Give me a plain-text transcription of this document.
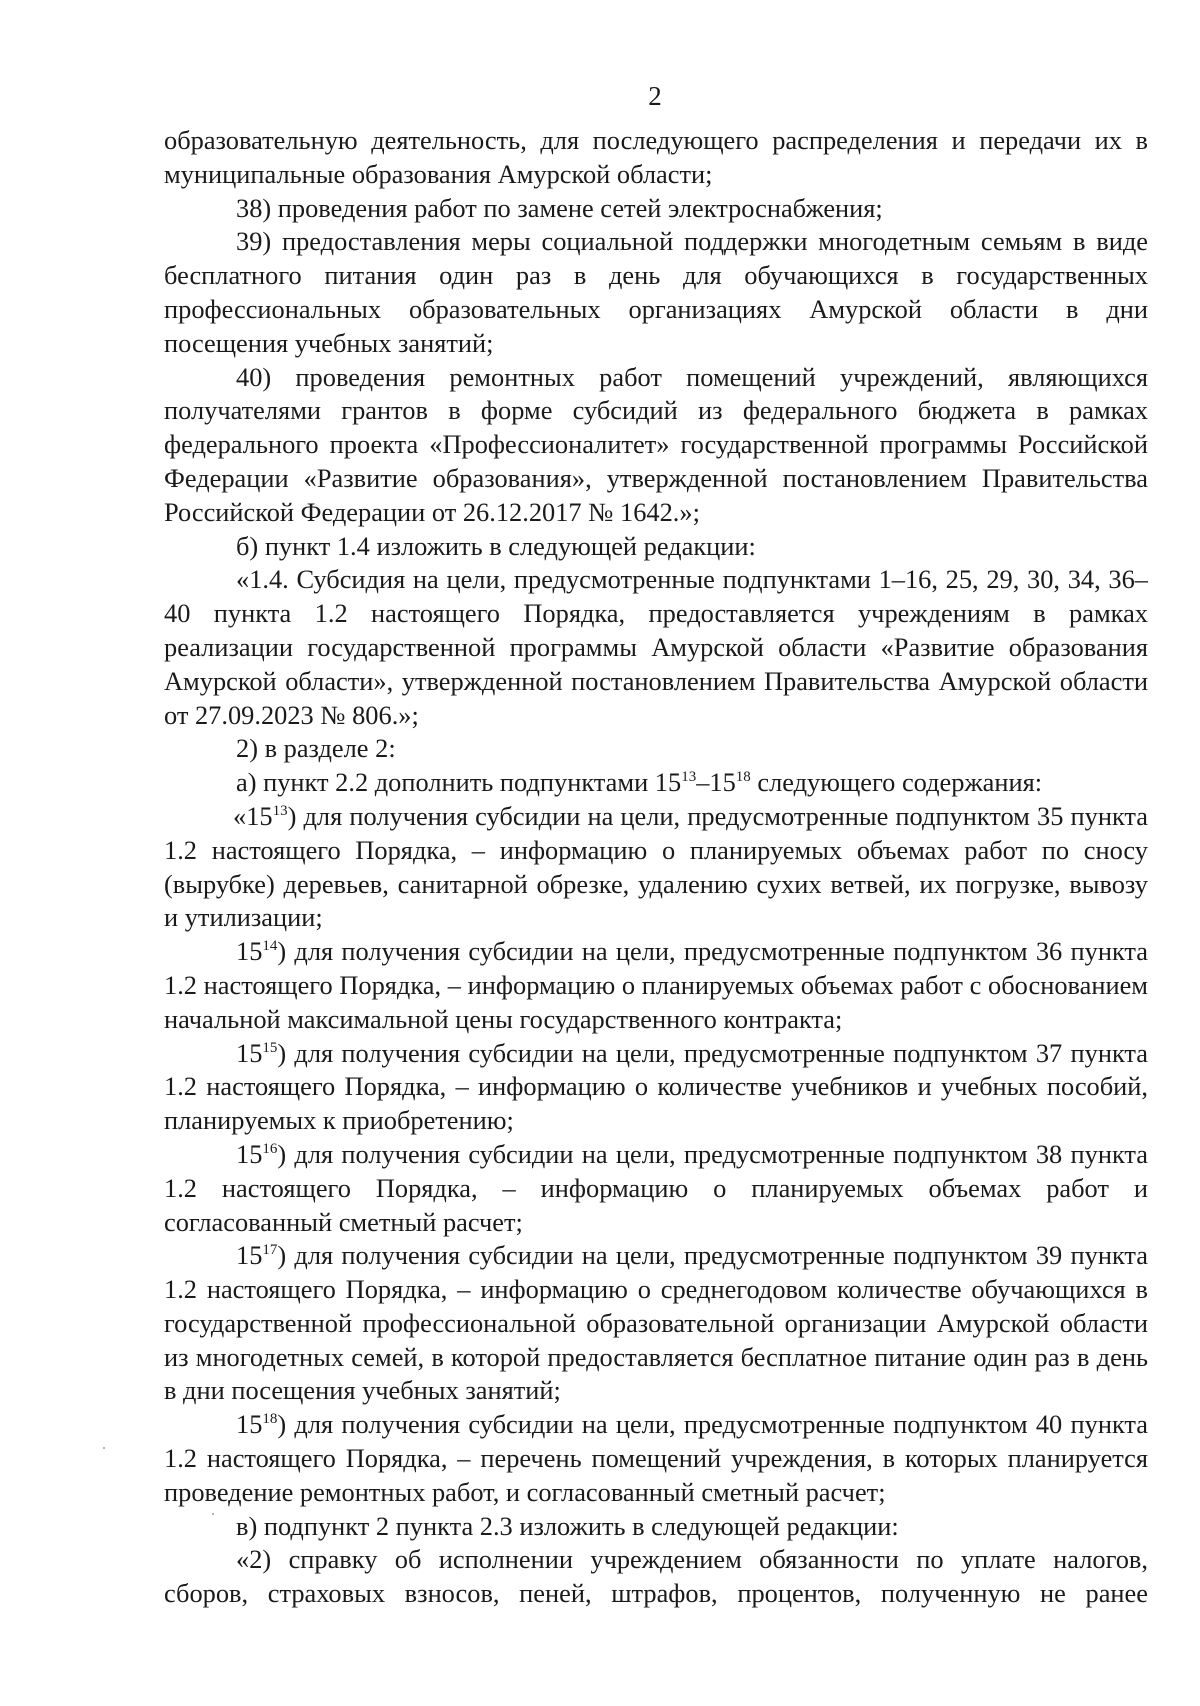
2

образовательную деятельность, для последующего распределения и передачи их в муниципальные образования Амурской области;

38) проведения работ по замене сетей электроснабжения;

39) предоставления меры социальной поддержки многодетным семьям в виде бесплатного питания один раз в день для обучающихся в государственных профессиональных образовательных организациях Амурской области в дни посещения учебных занятий;

40) проведения ремонтных работ помещений учреждений, являющихся получателями грантов в форме субсидий из федерального бюджета в рамках федерального проекта «Профессионалитет» государственной программы Российской Федерации «Развитие образования», утвержденной постановлением Правительства Российской Федерации от 26.12.2017 № 1642.»;

б) пункт 1.4 изложить в следующей редакции:

«1.4. Субсидия на цели, предусмотренные подпунктами 1–16, 25, 29, 30, 34, 36–40 пункта 1.2 настоящего Порядка, предоставляется учреждениям в рамках реализации государственной программы Амурской области «Развитие образования Амурской области», утвержденной постановлением Правительства Амурской области от 27.09.2023 № 806.»;

2) в разделе 2:

а) пункт 2.2 дополнить подпунктами $15^{13}-15^{18}$ следующего содержания:

«$15^{13}$) для получения субсидии на цели, предусмотренные подпунктом 35 пункта 1.2 настоящего Порядка, – информацию о планируемых объемах работ по сносу (вырубке) деревьев, санитарной обрезке, удалению сухих ветвей, их погрузке, вывозу и утилизации;

$15^{14}$) для получения субсидии на цели, предусмотренные подпунктом 36 пункта 1.2 настоящего Порядка, – информацию о планируемых объемах работ с обоснованием начальной максимальной цены государственного контракта;

$15^{15}$) для получения субсидии на цели, предусмотренные подпунктом 37 пункта 1.2 настоящего Порядка, – информацию о количестве учебников и учебных пособий, планируемых к приобретению;

$15^{16}$) для получения субсидии на цели, предусмотренные подпунктом 38 пункта 1.2 настоящего Порядка, – информацию о планируемых объемах работ и согласованный сметный расчет;

$15^{17}$) для получения субсидии на цели, предусмотренные подпунктом 39 пункта 1.2 настоящего Порядка, – информацию о среднегодовом количестве обучающихся в государственной профессиональной образовательной организации Амурской области из многодетных семей, в которой предоставляется бесплатное питание один раз в день в дни посещения учебных занятий;

$15^{18}$) для получения субсидии на цели, предусмотренные подпунктом 40 пункта 1.2 настоящего Порядка, – перечень помещений учреждения, в которых планируется проведение ремонтных работ, и согласованный сметный расчет;

в) подпункт 2 пункта 2.3 изложить в следующей редакции:

«2) справку об исполнении учреждением обязанности по уплате налогов, сборов, страховых взносов, пеней, штрафов, процентов, полученную не ранее
